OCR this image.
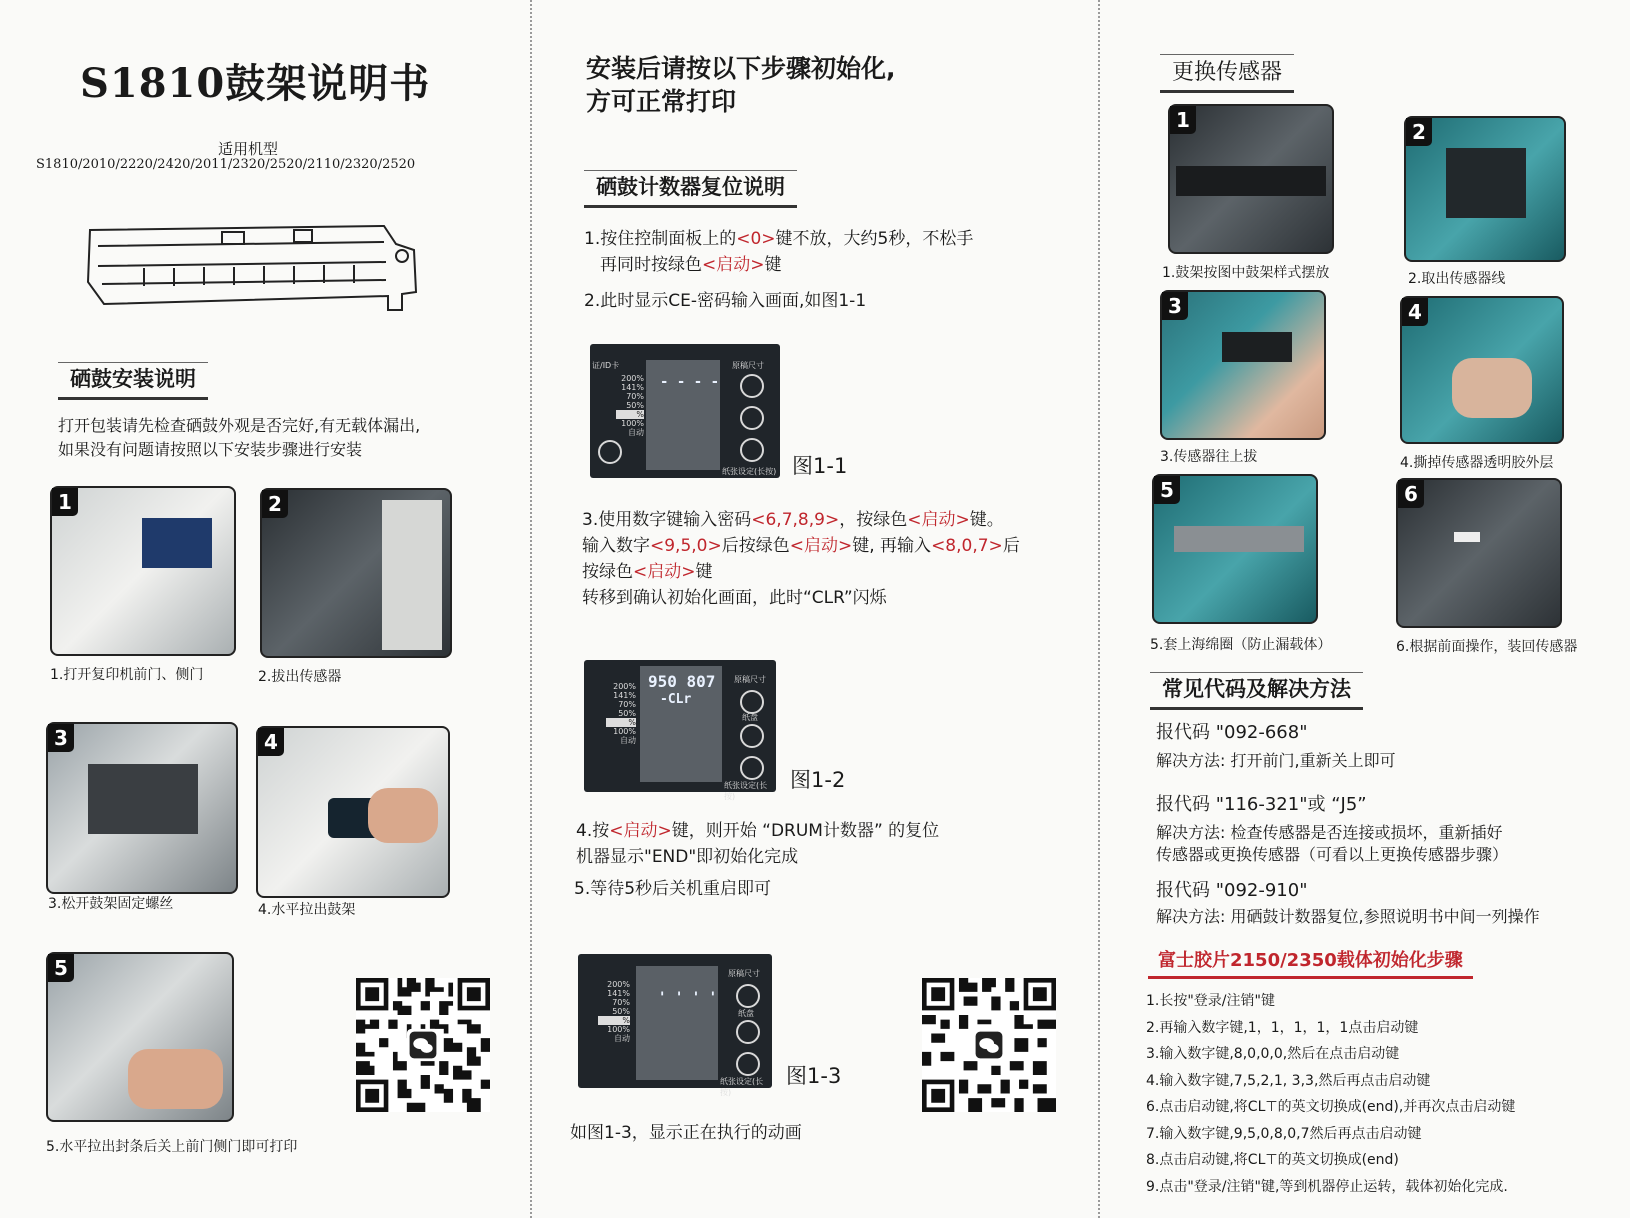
S1810鼓架说明书
适用机型
S1810/2010/2220/2420/2011/2320/2520/2110/2320/2520
硒鼓安装说明
打开包装请先检查硒鼓外观是否完好,有无载体漏出,
如果没有问题请按照以下安装步骤进行安装
1
1.打开复印机前门、侧门
2
2.拔出传感器
3
3.松开鼓架固定螺丝
4
4.水平拉出鼓架
5
5.水平拉出封条后关上前门侧门即可打印
安装后请按以下步骤初始化,
方可正常打印
硒鼓计数器复位说明
1.按住控制面板上的<0>键不放，大约5秒，不松手
再同时按绿色<启动>键
2.此时显示CE-密码输入画面,如图1-1
证/ID卡
- - - -
200%
141%
70%
50%
%
100%
自动
原稿尺寸
纸张设定(长按) 图1-1
3.使用数字键输入密码<6,7,8,9>，按绿色<启动>键。
输入数字<9,5,0>后按绿色<启动>键, 再输入<8,0,7>后
按绿色<启动>键
转移到确认初始化画面，此时“CLR”闪烁
950 807
-CLr
200%
141%
70%
50%
%
100%
自动
原稿尺寸
纸盘
纸张设定(长按)
图1-2
4.按<启动>键，则开始 “DRUM计数器” 的复位
机器显示"END"即初始化完成
5.等待5秒后关机重启即可
' ' ' '
200%
141%
70%
50%
%
100%
自动
原稿尺寸
纸盘
纸张设定(长按)
图1-3
如图1-3，显示正在执行的动画
更换传感器
1
1.鼓架按图中鼓架样式摆放
2
2.取出传感器线
3
3.传感器往上拔
4
4.撕掉传感器透明胶外层
5
5.套上海绵圈（防止漏载体）
6
6.根据前面操作，装回传感器
常见代码及解决方法
报代码 "092-668"
解决方法: 打开前门,重新关上即可
报代码 "116-321"或 “J5”
解决方法: 检查传感器是否连接或损坏，重新插好
传感器或更换传感器（可看以上更换传感器步骤）
报代码 "092-910"
解决方法: 用硒鼓计数器复位,参照说明书中间一列操作
富士胶片2150/2350载体初始化步骤
1.长按"登录/注销"键
2.再输入数字键,1，1，1，1，1点击启动键
3.输入数字键,8,0,0,0,然后在点击启动键
4.输入数字键,7,5,2,1, 3,3,然后再点击启动键
6.点击启动键,将CL⊤的英文切换成(end),并再次点击启动键
7.输入数字键,9,5,0,8,0,7然后再点击启动键
8.点击启动键,将CL⊤的英文切换成(end)
9.点击"登录/注销"键,等到机器停止运转，载体初始化完成.
